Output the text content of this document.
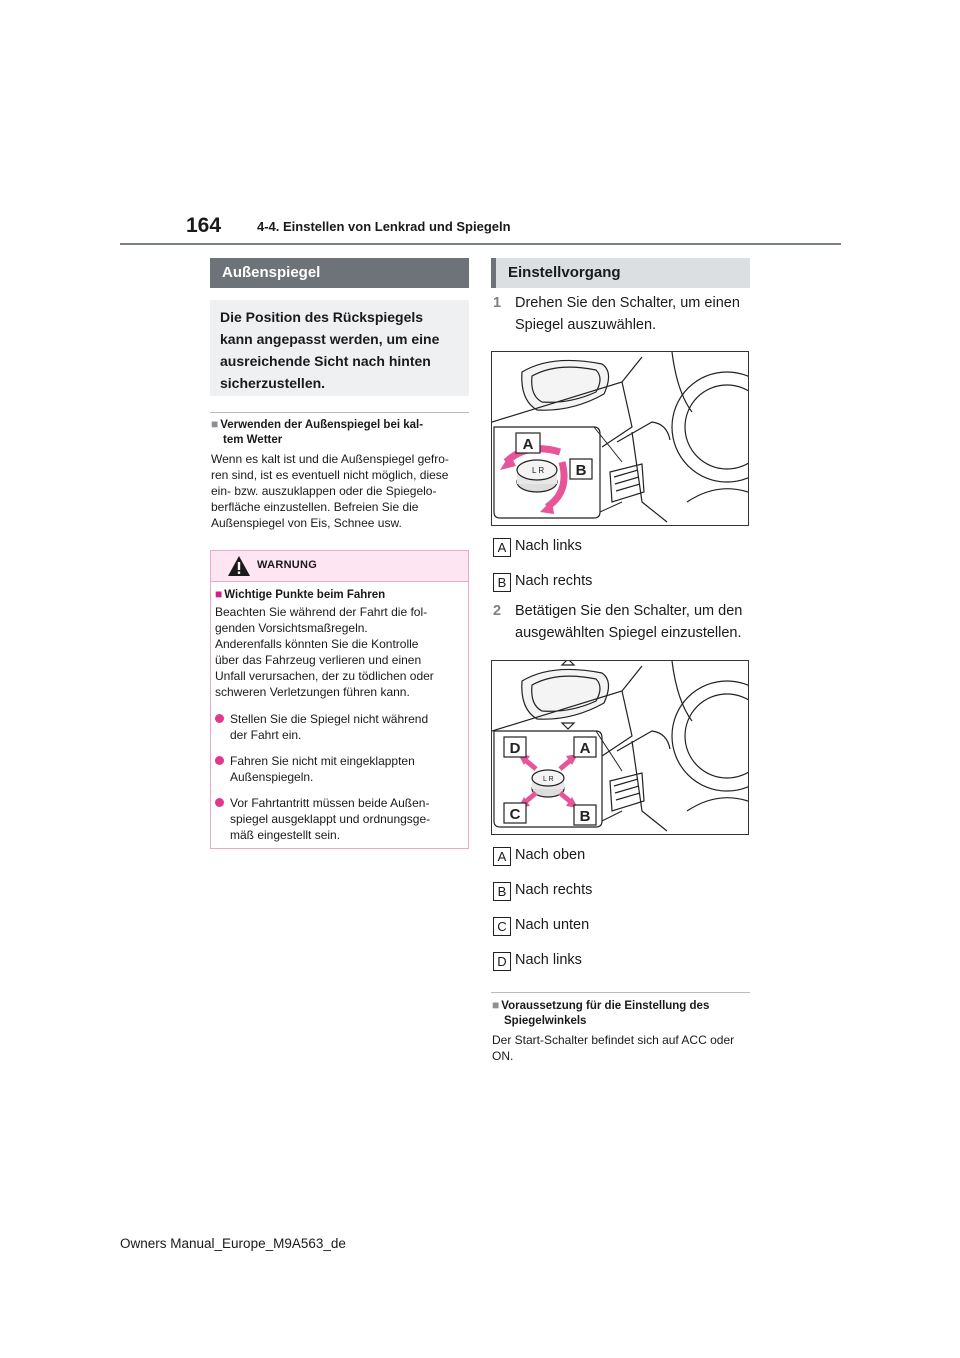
164	4-4. Einstellen von Lenkrad und Spiegeln
Außenspiegel
Die Position des Rückspiegels
kann angepasst werden, um eine
ausreichende Sicht nach hinten
sicherzustellen.
■ Verwenden der Außenspiegel bei kal-
tem Wetter
Wenn es kalt ist und die Außenspiegel gefro-
ren sind, ist es eventuell nicht möglich, diese
ein- bzw. auszuklappen oder die Spiegelo-
berfläche einzustellen. Befreien Sie die
Außenspiegel von Eis, Schnee usw.
WARNUNG
■ Wichtige Punkte beim Fahren
Beachten Sie während der Fahrt die fol-
genden Vorsichtsmaßregeln.
Anderenfalls könnten Sie die Kontrolle
über das Fahrzeug verlieren und einen
Unfall verursachen, der zu tödlichen oder
schweren Verletzungen führen kann.
Stellen Sie die Spiegel nicht während
der Fahrt ein.
Fahren Sie nicht mit eingeklappten
Außenspiegeln.
Vor Fahrtantritt müssen beide Außen-
spiegel ausgeklappt und ordnungsge-
mäß eingestellt sein.
Einstellvorgang
1 Drehen Sie den Schalter, um einen
Spiegel auszuwählen.
L R
A
B
A Nach links
B Nach rechts
2 Betätigen Sie den Schalter, um den
ausgewählten Spiegel einzustellen.
L R
D	A
C	B
A Nach oben
B Nach rechts
C Nach unten
D Nach links
■ Voraussetzung für die Einstellung des
Spiegelwinkels
Der Start-Schalter befindet sich auf ACC oder
ON.
Owners Manual_Europe_M9A563_de
